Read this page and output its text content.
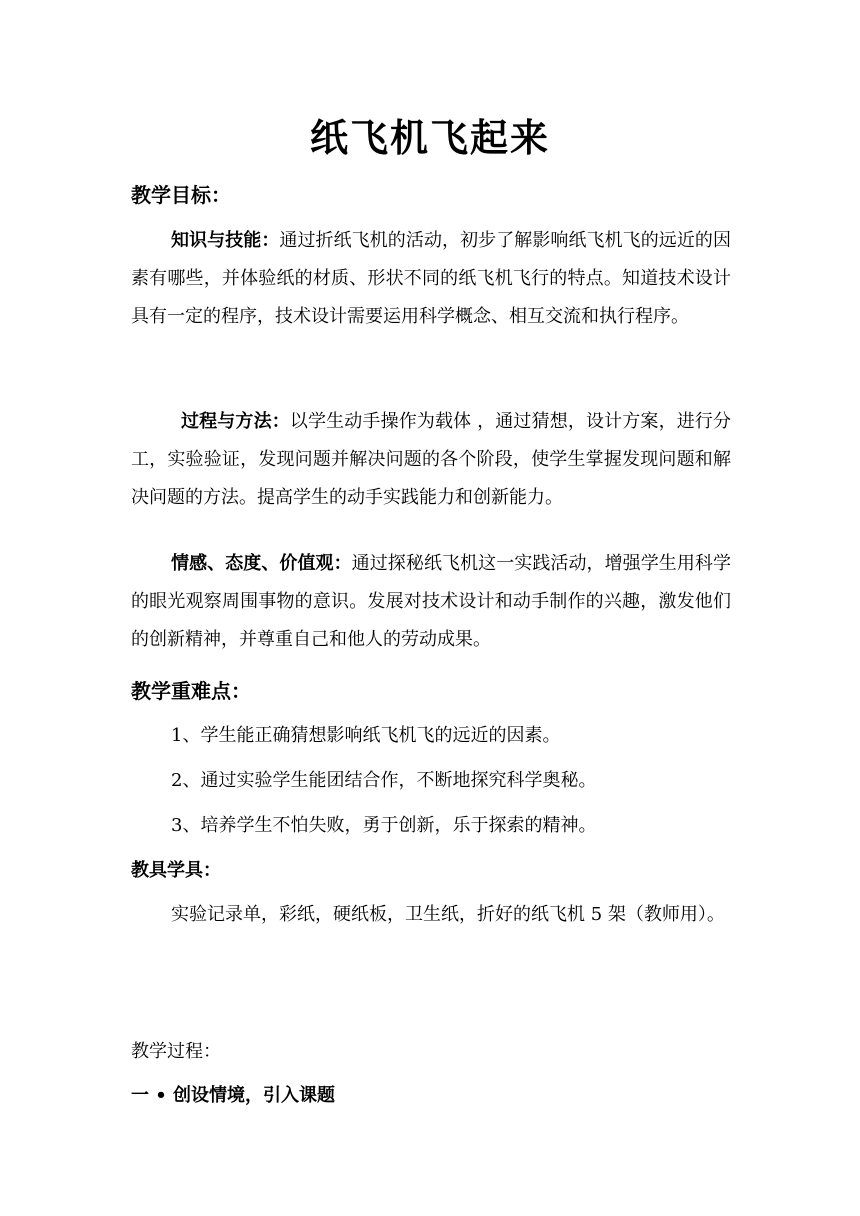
纸飞机飞起来
教学目标：
知识与技能：通过折纸飞机的活动，初步了解影响纸飞机飞的远近的因素有哪些，并体验纸的材质、形状不同的纸飞机飞行的特点。知道技术设计具有一定的程序，技术设计需要运用科学概念、相互交流和执行程序。
过程与方法：以学生动手操作为载体 ，通过猜想，设计方案，进行分工，实验验证，发现问题并解决问题的各个阶段，使学生掌握发现问题和解决问题的方法。提高学生的动手实践能力和创新能力。
情感、态度、价值观：通过探秘纸飞机这一实践活动，增强学生用科学的眼光观察周围事物的意识。发展对技术设计和动手制作的兴趣，激发他们的创新精神，并尊重自己和他人的劳动成果。
教学重难点：
1、学生能正确猜想影响纸飞机飞的远近的因素。
2、通过实验学生能团结合作，不断地探究科学奥秘。
3、培养学生不怕失败，勇于创新，乐于探索的精神。
教具学具：
实验记录单，彩纸，硬纸板，卫生纸，折好的纸飞机 5 架（教师用）。
教学过程：
一 • 创设情境，引入课题
